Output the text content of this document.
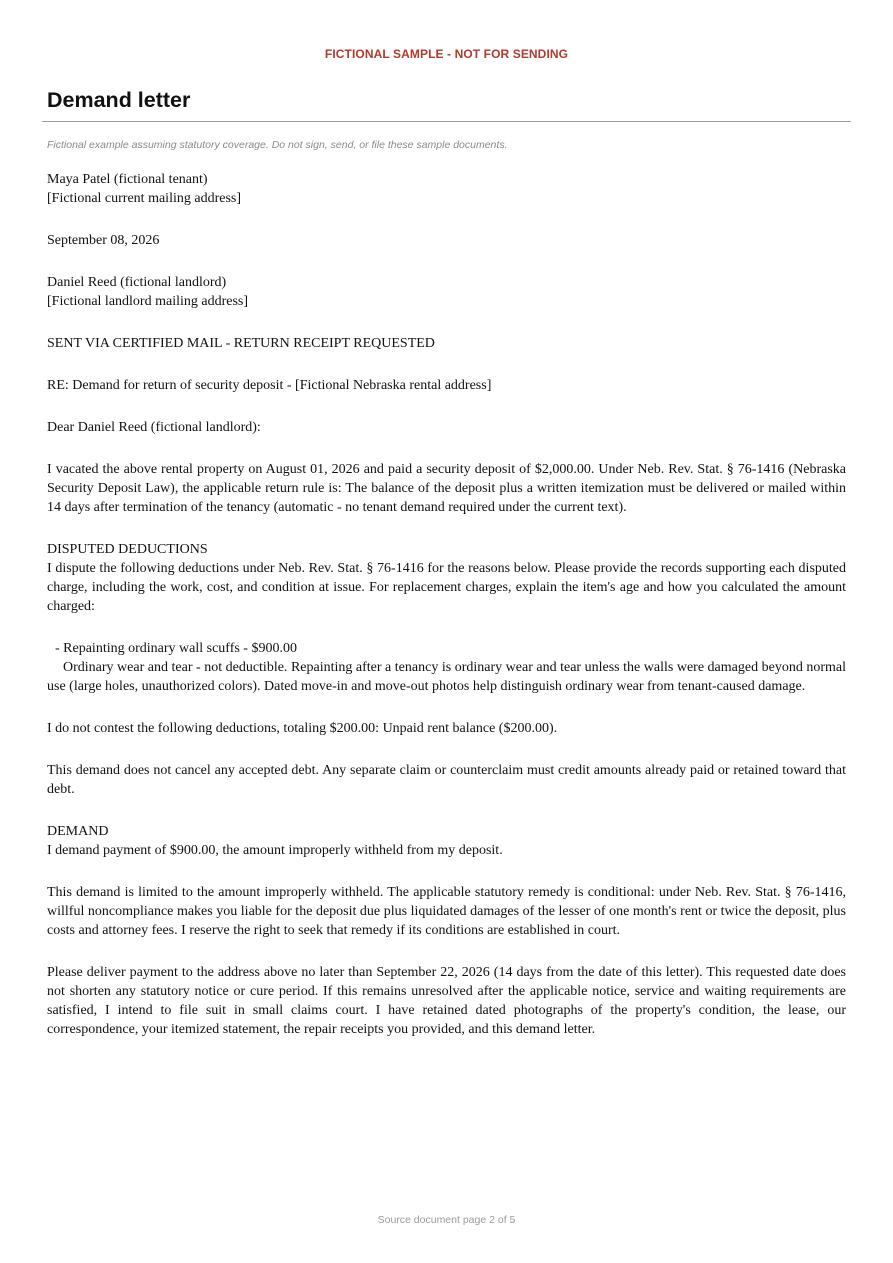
FICTIONAL SAMPLE - NOT FOR SENDING
Demand letter
Fictional example assuming statutory coverage. Do not sign, send, or file these sample documents.

Maya Patel (fictional tenant)

[Fictional current mailing address]

September 08, 2026

Daniel Reed (fictional landlord)

[Fictional landlord mailing address]

SENT VIA CERTIFIED MAIL - RETURN RECEIPT REQUESTED

RE: Demand for return of security deposit - [Fictional Nebraska rental address]

Dear Daniel Reed (fictional landlord):

I vacated the above rental property on August 01, 2026 and paid a security deposit of $2,000.00. Under Neb. Rev. Stat. § 76-1416 (Nebraska Security Deposit Law), the applicable return rule is: The balance of the deposit plus a written itemization must be delivered or mailed within 14 days after termination of the tenancy (automatic - no tenant demand required under the current text).

DISPUTED DEDUCTIONS

I dispute the following deductions under Neb. Rev. Stat. § 76-1416 for the reasons below. Please provide the records supporting each disputed charge, including the work, cost, and condition at issue. For replacement charges, explain the item's age and how you calculated the amount charged:

- Repainting ordinary wall scuffs - $900.00

Ordinary wear and tear - not deductible. Repainting after a tenancy is ordinary wear and tear unless the walls were damaged beyond normal use (large holes, unauthorized colors). Dated move-in and move-out photos help distinguish ordinary wear from tenant-caused damage.

I do not contest the following deductions, totaling $200.00: Unpaid rent balance ($200.00).

This demand does not cancel any accepted debt. Any separate claim or counterclaim must credit amounts already paid or retained toward that debt.

DEMAND

I demand payment of $900.00, the amount improperly withheld from my deposit.

This demand is limited to the amount improperly withheld. The applicable statutory remedy is conditional: under Neb. Rev. Stat. § 76-1416, willful noncompliance makes you liable for the deposit due plus liquidated damages of the lesser of one month's rent or twice the deposit, plus costs and attorney fees. I reserve the right to seek that remedy if its conditions are established in court.

Please deliver payment to the address above no later than September 22, 2026 (14 days from the date of this letter). This requested date does not shorten any statutory notice or cure period. If this remains unresolved after the applicable notice, service and waiting requirements are satisfied, I intend to file suit in small claims court. I have retained dated photographs of the property's condition, the lease, our correspondence, your itemized statement, the repair receipts you provided, and this demand letter.

Source document page 2 of 5
